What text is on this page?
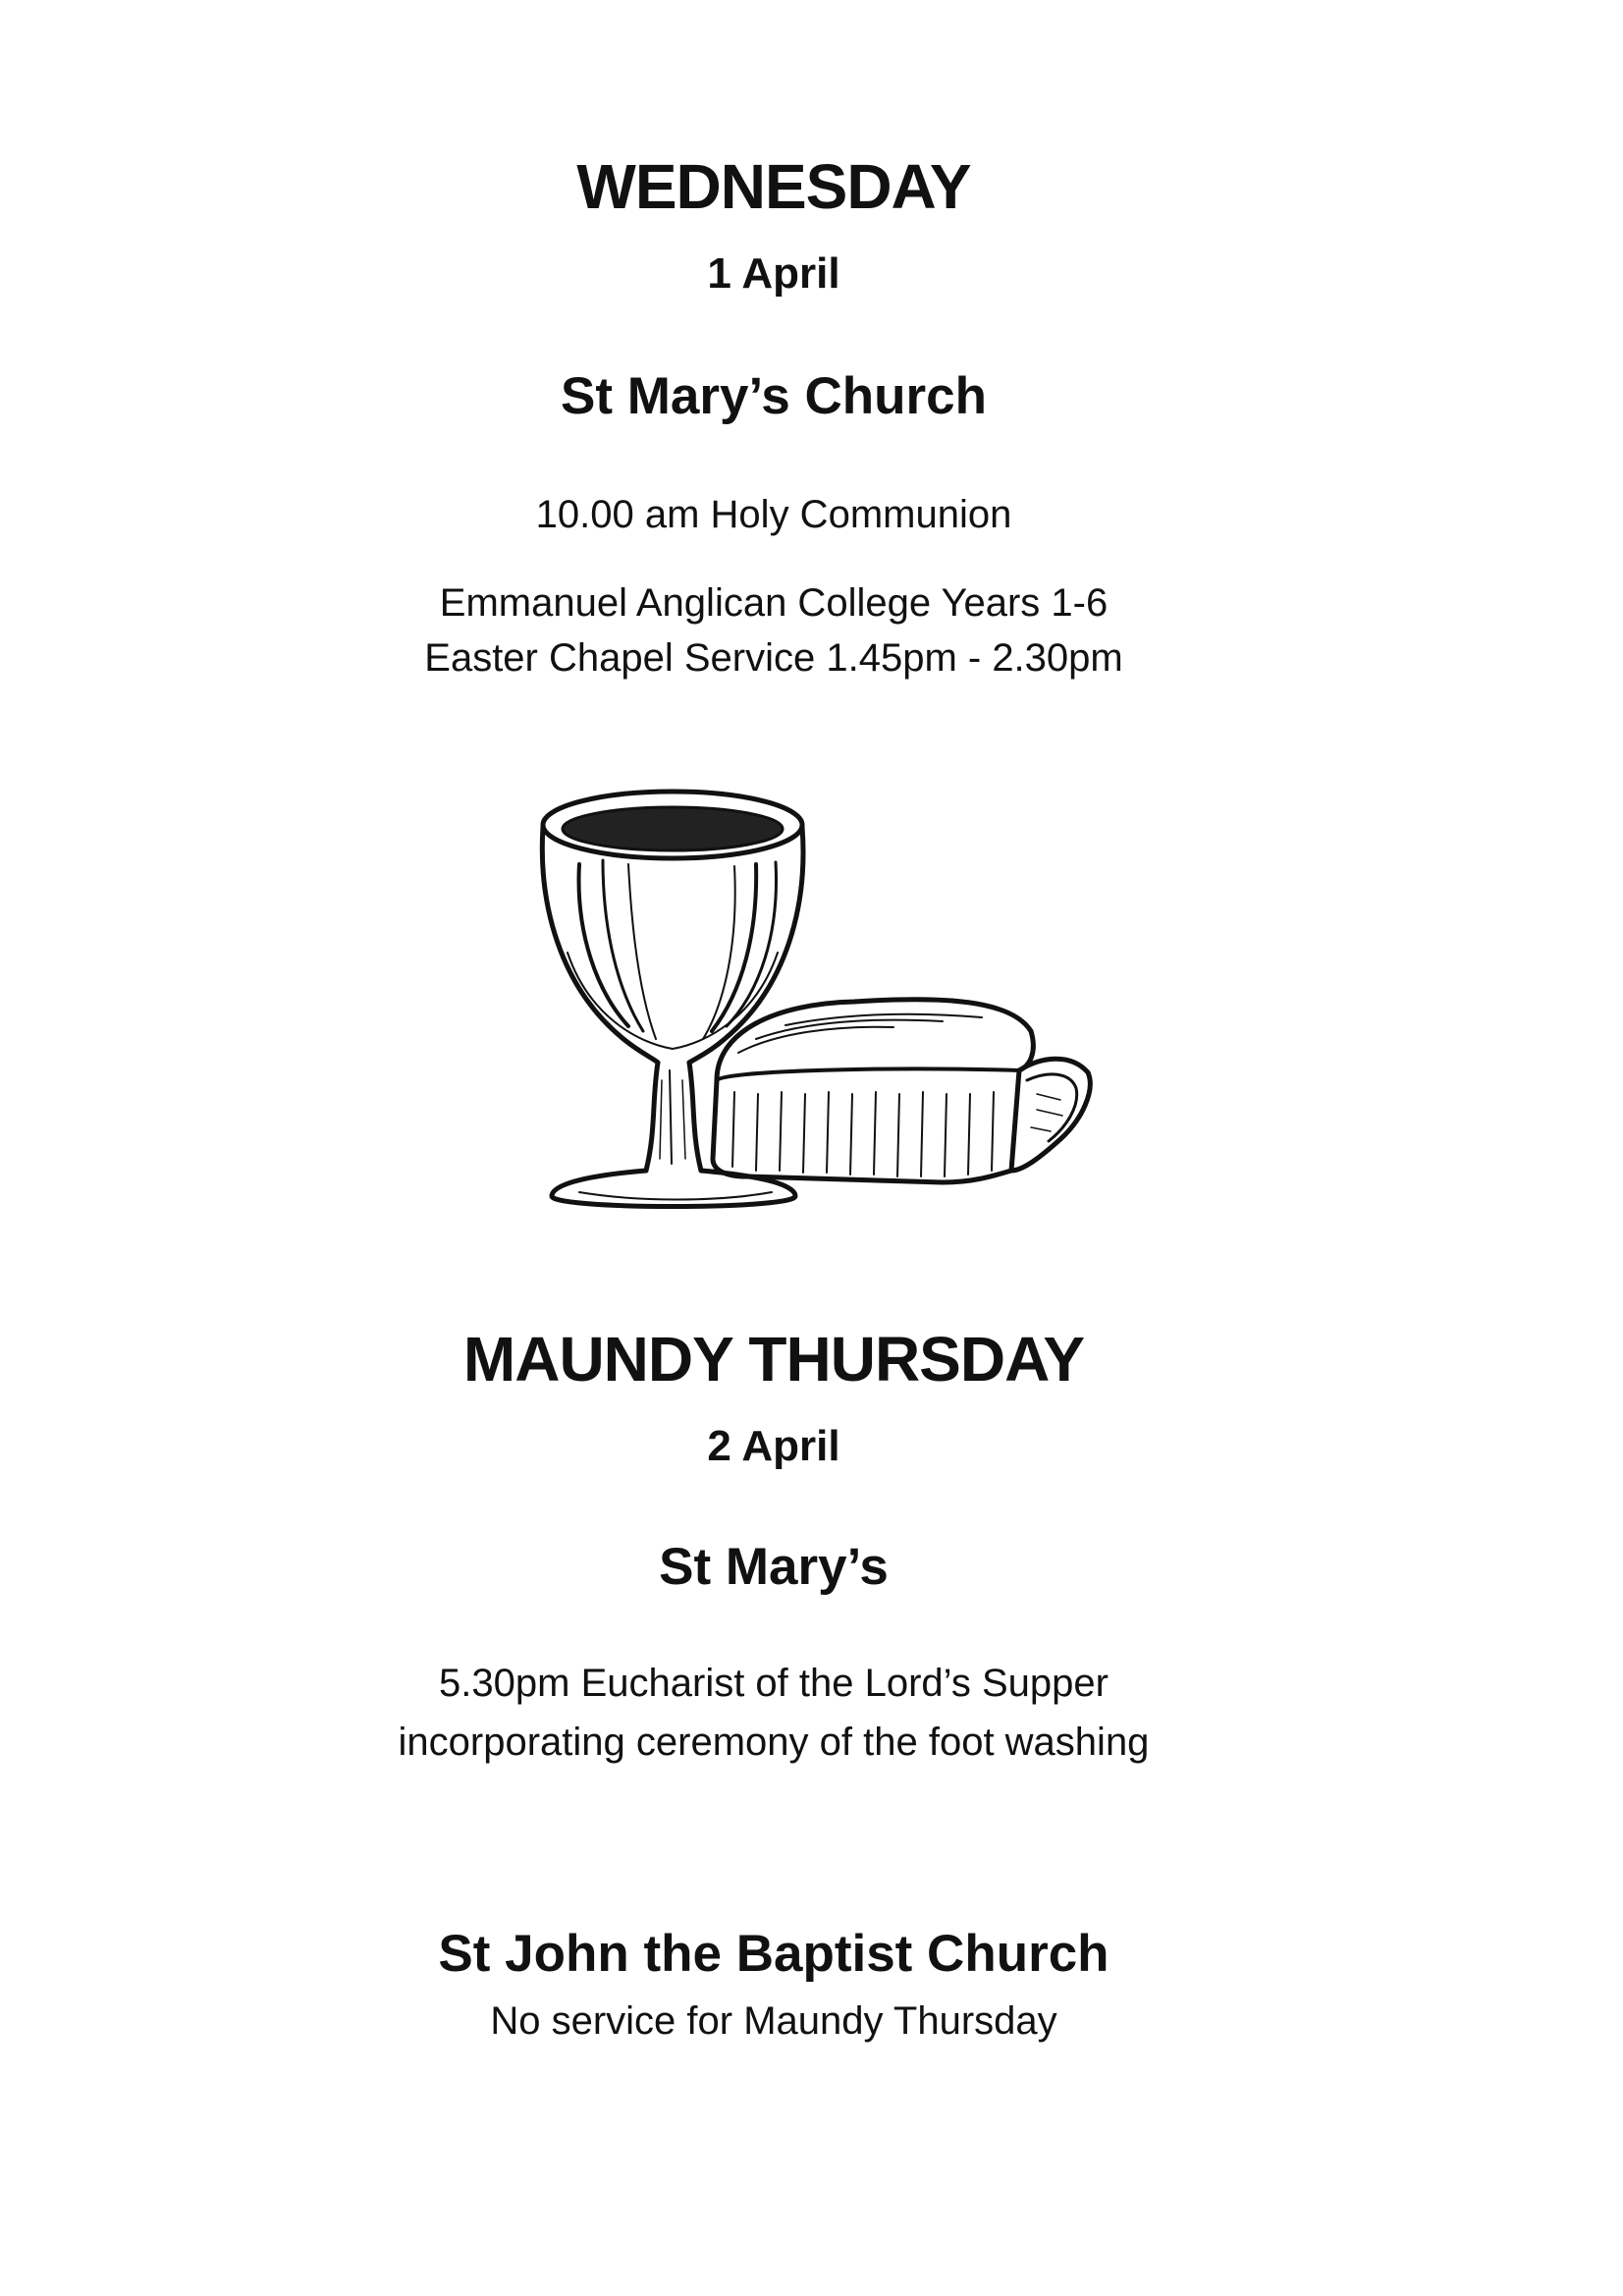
WEDNESDAY
1 April
St Mary’s Church
10.00 am Holy Communion
Emmanuel Anglican College Years 1-6
Easter Chapel Service 1.45pm - 2.30pm
MAUNDY THURSDAY
2 April
St Mary’s
5.30pm Eucharist of the Lord’s Supper
incorporating ceremony of the foot washing
St John the Baptist Church
No service for Maundy Thursday
